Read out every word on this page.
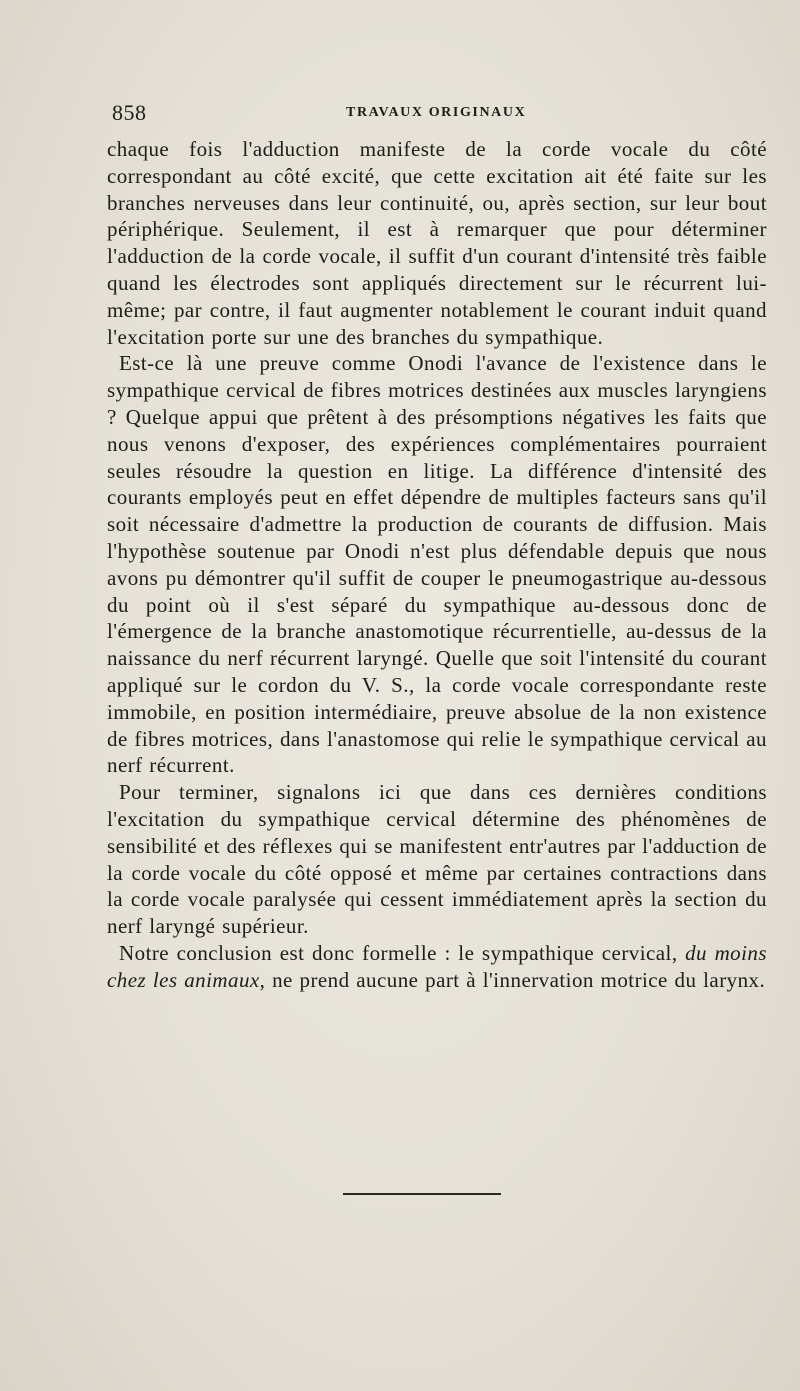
858	TRAVAUX ORIGINAUX

chaque fois l'adduction manifeste de la corde vocale du côté correspondant au côté excité, que cette excitation ait été faite sur les branches nerveuses dans leur continuité, ou, après section, sur leur bout périphérique. Seulement, il est à remarquer que pour déterminer l'adduction de la corde vocale, il suffit d'un courant d'intensité très faible quand les électrodes sont appliqués directement sur le récurrent lui-même; par contre, il faut augmenter notablement le courant induit quand l'excitation porte sur une des branches du sympathique.

Est-ce là une preuve comme Onodi l'avance de l'existence dans le sympathique cervical de fibres motrices destinées aux muscles laryngiens ? Quelque appui que prêtent à des présomptions négatives les faits que nous venons d'exposer, des expériences complémentaires pourraient seules résoudre la question en litige. La différence d'intensité des courants employés peut en effet dépendre de multiples facteurs sans qu'il soit nécessaire d'admettre la production de courants de diffusion. Mais l'hypothèse soutenue par Onodi n'est plus défendable depuis que nous avons pu démontrer qu'il suffit de couper le pneumogastrique au-dessous du point où il s'est séparé du sympathique au-dessous donc de l'émergence de la branche anastomotique récurrentielle, au-dessus de la naissance du nerf récurrent laryngé. Quelle que soit l'intensité du courant appliqué sur le cordon du V. S., la corde vocale correspondante reste immobile, en position intermédiaire, preuve absolue de la non existence de fibres motrices, dans l'anastomose qui relie le sympathique cervical au nerf récurrent.

Pour terminer, signalons ici que dans ces dernières conditions l'excitation du sympathique cervical détermine des phénomènes de sensibilité et des réflexes qui se manifestent entr'autres par l'adduction de la corde vocale du côté opposé et même par certaines contractions dans la corde vocale paralysée qui cessent immédiatement après la section du nerf laryngé supérieur.

Notre conclusion est donc formelle : le sympathique cervical, du moins chez les animaux, ne prend aucune part à l'innervation motrice du larynx.
